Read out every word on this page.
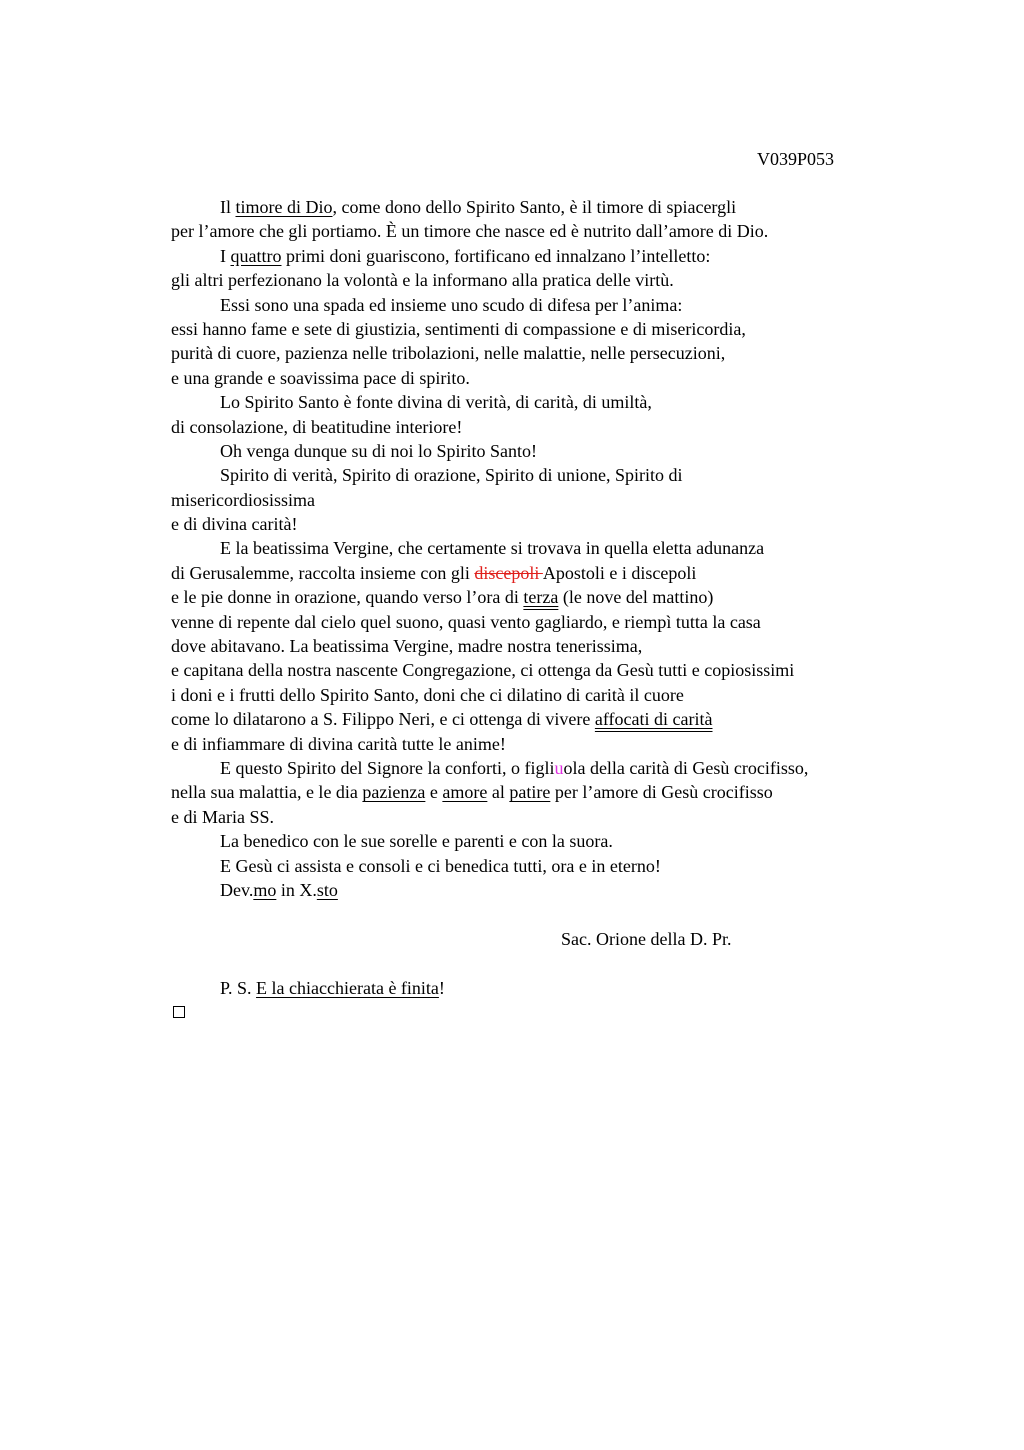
V039P053
Il timore di Dio, come dono dello Spirito Santo, è il timore di spiacergli
per l’amore che gli portiamo. È un timore che nasce ed è nutrito dall’amore di Dio.
I quattro primi doni guariscono, fortificano ed innalzano l’intelletto:
gli altri perfezionano la volontà e la informano alla pratica delle virtù.
Essi sono una spada ed insieme uno scudo di difesa per l’anima:
essi hanno fame e sete di giustizia, sentimenti di compassione e di misericordia,
purità di cuore, pazienza nelle tribolazioni, nelle malattie, nelle persecuzioni,
e una grande e soavissima pace di spirito.
Lo Spirito Santo è fonte divina di verità, di carità, di umiltà,
di consolazione, di beatitudine interiore!
Oh venga dunque su di noi lo Spirito Santo!
Spirito di verità, Spirito di orazione, Spirito di unione, Spirito di
misericordiosissima
e di divina carità!
E la beatissima Vergine, che certamente si trovava in quella eletta adunanza
di Gerusalemme, raccolta insieme con gli discepoli Apostoli e i discepoli
e le pie donne in orazione, quando verso l’ora di terza (le nove del mattino)
venne di repente dal cielo quel suono, quasi vento gagliardo, e riempì tutta la casa
dove abitavano. La beatissima Vergine, madre nostra tenerissima,
e capitana della nostra nascente Congregazione, ci ottenga da Gesù tutti e copiosissimi
i doni e i frutti dello Spirito Santo, doni che ci dilatino di carità il cuore
come lo dilatarono a S. Filippo Neri, e ci ottenga di vivere affocati di carità
e di infiammare di divina carità tutte le anime!
E questo Spirito del Signore la conforti, o figliuola della carità di Gesù crocifisso,
nella sua malattia, e le dia pazienza e amore al patire per l’amore di Gesù crocifisso
e di Maria SS.
La benedico con le sue sorelle e parenti e con la suora.
E Gesù ci assista e consoli e ci benedica tutti, ora e in eterno!
Dev.mo in X.sto
Sac. Orione della D. Pr.
P. S. E la chiacchierata è finita!
